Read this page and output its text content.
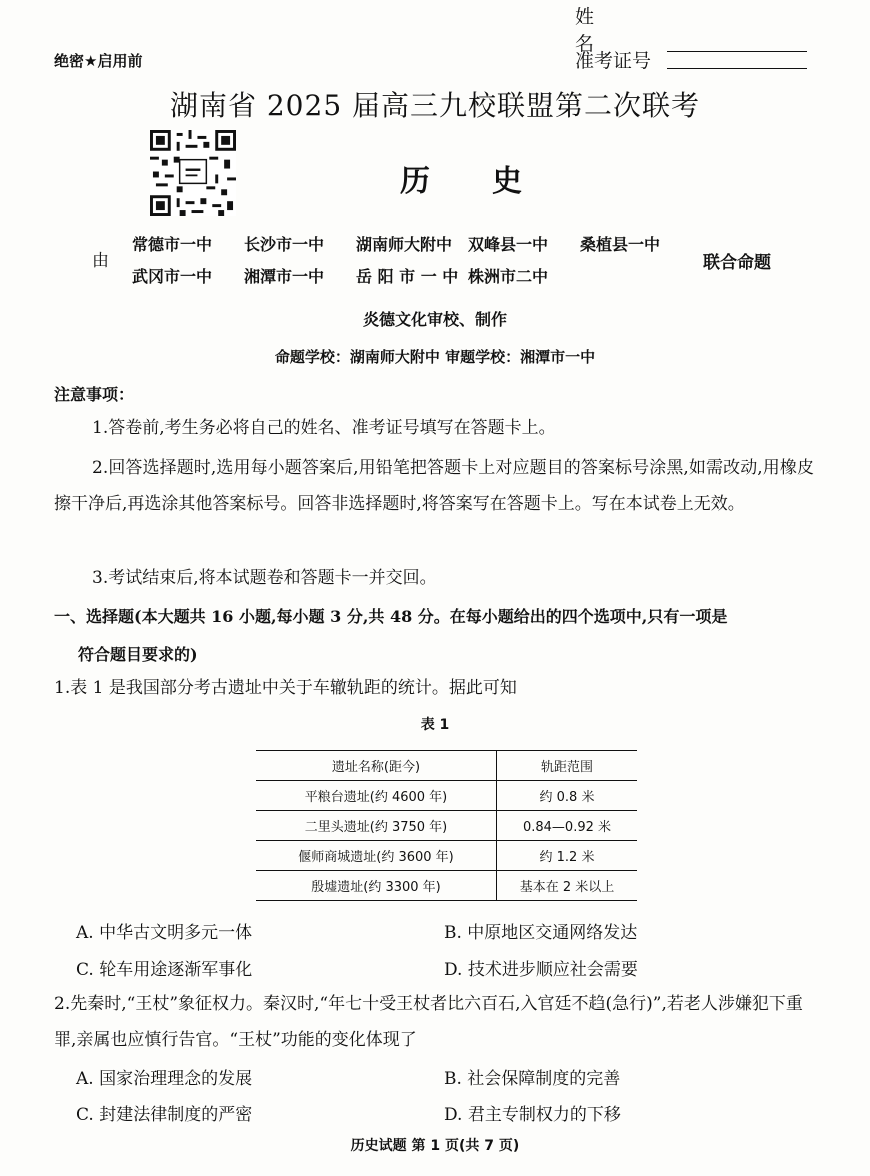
姓名
准考证号
绝密★启用前
湖南省 2025 届高三九校联盟第二次联考
历史
由
常德市一中	长沙市一中	湖南师大附中 双峰县一中	桑植县一中
武冈市一中	湘潭市一中	岳 阳 市 一 中 株洲市二中
联合命题
炎德文化审校、制作
命题学校：湖南师大附中 审题学校：湘潭市一中
注意事项：
1.答卷前,考生务必将自己的姓名、准考证号填写在答题卡上。
2.回答选择题时,选用每小题答案后,用铅笔把答题卡上对应题目的答案标号涂黑,如需改动,用橡皮擦干净后,再选涂其他答案标号。回答非选择题时,将答案写在答题卡上。写在本试卷上无效。
3.考试结束后,将本试题卷和答题卡一并交回。
一、选择题(本大题共 16 小题,每小题 3 分,共 48 分。在每小题给出的四个选项中,只有一项是
符合题目要求的)
1.表 1 是我国部分考古遗址中关于车辙轨距的统计。据此可知
表 1
遗址名称(距今)	轨距范围
平粮台遗址(约 4600 年)	约 0.8 米
二里头遗址(约 3750 年)	0.84—0.92 米
偃师商城遗址(约 3600 年)	约 1.2 米
殷墟遗址(约 3300 年)	基本在 2 米以上
A. 中华古文明多元一体	B. 中原地区交通网络发达
C. 轮车用途逐渐军事化	D. 技术进步顺应社会需要
2.先秦时,“王杖”象征权力。秦汉时,“年七十受王杖者比六百石,入官廷不趋(急行)”,若老人涉嫌犯下重罪,亲属也应慎行告官。“王杖”功能的变化体现了
A. 国家治理理念的发展	B. 社会保障制度的完善
C. 封建法律制度的严密	D. 君主专制权力的下移
历史试题 第 1 页(共 7 页)
